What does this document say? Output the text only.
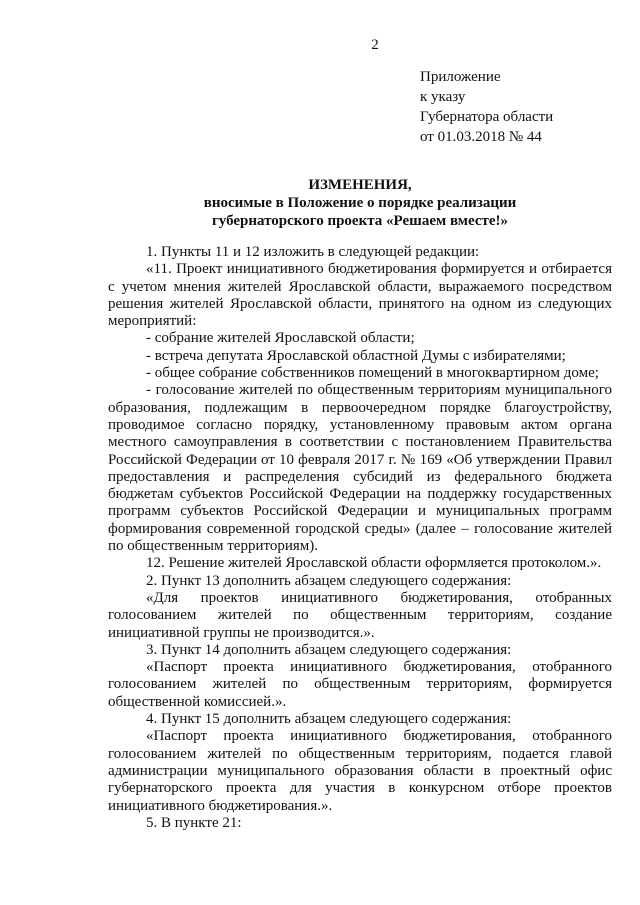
2
Приложение
к указу
Губернатора области
от 01.03.2018 № 44
ИЗМЕНЕНИЯ,
вносимые в Положение о порядке реализации
губернаторского проекта «Решаем вместе!»

1. Пункты 11 и 12 изложить в следующей редакции:

«11. Проект инициативного бюджетирования формируется и отбирается с учетом мнения жителей Ярославской области, выражаемого посредством решения жителей Ярославской области, принятого на одном из следующих мероприятий:

- собрание жителей Ярославской области;

- встреча депутата Ярославской областной Думы с избирателями;

- общее собрание собственников помещений в многоквартирном доме;

- голосование жителей по общественным территориям муниципального образования, подлежащим в первоочередном порядке благоустройству, проводимое согласно порядку, установленному правовым актом органа местного самоуправления в соответствии с постановлением Правительства Российской Федерации от 10 февраля 2017 г. № 169 «Об утверждении Правил предоставления и распределения субсидий из федерального бюджета бюджетам субъектов Российской Федерации на поддержку государственных программ субъектов Российской Федерации и муниципальных программ формирования современной городской среды» (далее – голосование жителей по общественным территориям).

12. Решение жителей Ярославской области оформляется протоколом.».

2. Пункт 13 дополнить абзацем следующего содержания:

«Для проектов инициативного бюджетирования, отобранных голосованием жителей по общественным территориям, создание инициативной группы не производится.».

3. Пункт 14 дополнить абзацем следующего содержания:

«Паспорт проекта инициативного бюджетирования, отобранного голосованием жителей по общественным территориям, формируется общественной комиссией.».

4. Пункт 15 дополнить абзацем следующего содержания:

«Паспорт проекта инициативного бюджетирования, отобранного голосованием жителей по общественным территориям, подается главой администрации муниципального образования области в проектный офис губернаторского проекта для участия в конкурсном отборе проектов инициативного бюджетирования.».

5. В пункте 21:
